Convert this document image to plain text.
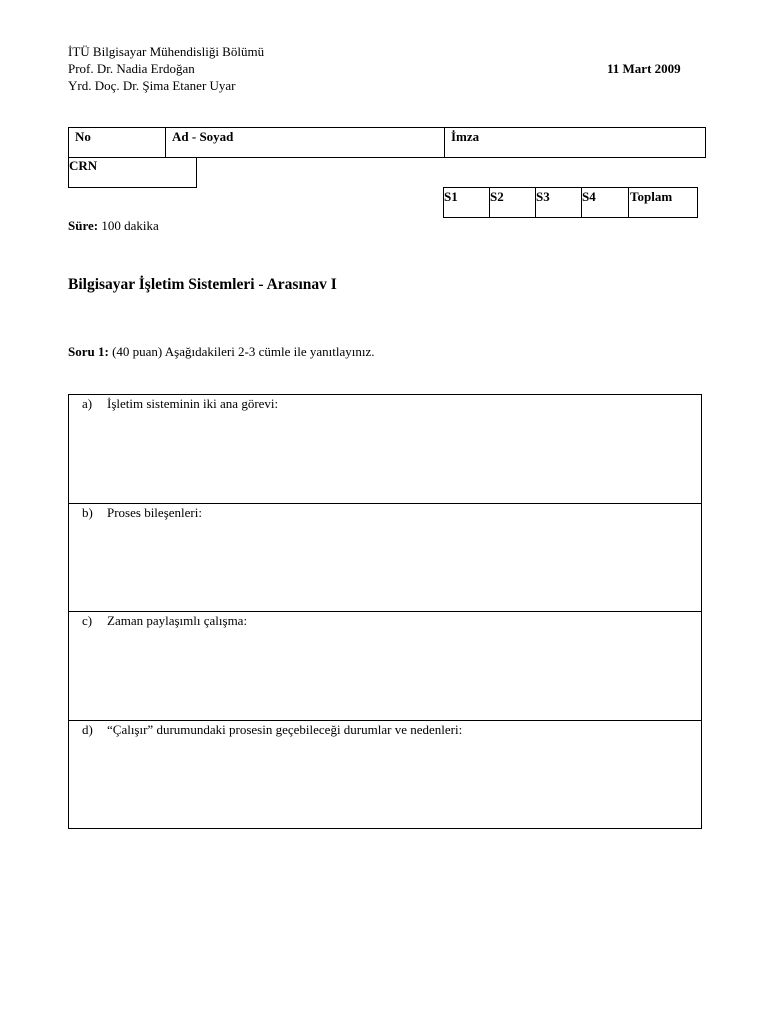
İTÜ Bilgisayar Mühendisliği Bölümü
Prof. Dr. Nadia Erdoğan
Yrd. Doç. Dr. Şima Etaner Uyar
11 Mart 2009
No	Ad - Soyad	İmza
CRN
S1	S2	S3	S4	Toplam
Süre: 100 dakika
Bilgisayar İşletim Sistemleri - Arasınav I
Soru 1: (40 puan) Aşağıdakileri 2-3 cümle ile yanıtlayınız.
a) İşletim sisteminin iki ana görevi:
b) Proses bileşenleri:
c) Zaman paylaşımlı çalışma:
d) “Çalışır” durumundaki prosesin geçebileceği durumlar ve nedenleri:
